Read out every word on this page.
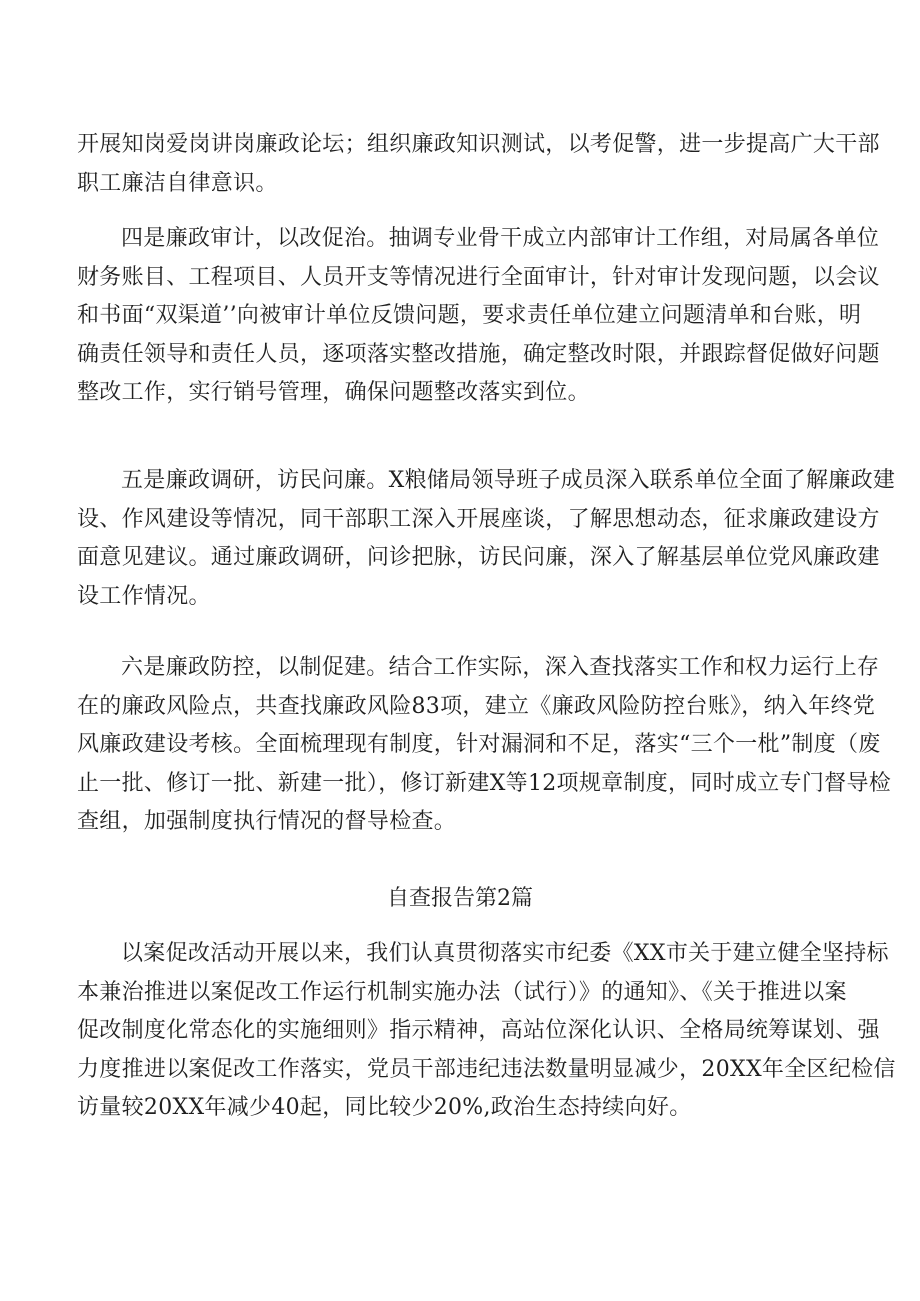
开展知岗爱岗讲岗廉政论坛；组织廉政知识测试，以考促警，进一步提高广大干部
职工廉洁自律意识。
四是廉政审计，以改促治。抽调专业骨干成立内部审计工作组，对局属各单位
财务账目、工程项目、人员开支等情况进行全面审计，针对审计发现问题，以会议
和书面“双渠道’’向被审计单位反馈问题，要求责任单位建立问题清单和台账，明
确责任领导和责任人员，逐项落实整改措施，确定整改时限，并跟踪督促做好问题
整改工作，实行销号管理，确保问题整改落实到位。
五是廉政调研，访民问廉。X粮储局领导班子成员深入联系单位全面了解廉政建
设、作风建设等情况，同干部职工深入开展座谈，了解思想动态，征求廉政建设方
面意见建议。通过廉政调研，问诊把脉，访民问廉，深入了解基层单位党风廉政建
设工作情况。
六是廉政防控，以制促建。结合工作实际，深入查找落实工作和权力运行上存
在的廉政风险点，共查找廉政风险83项，建立《廉政风险防控台账》，纳入年终党
风廉政建设考核。全面梳理现有制度，针对漏洞和不足，落实“三个一枇”制度（废
止一批、修订一批、新建一批），修订新建X等12项规章制度，同时成立专门督导检
查组，加强制度执行情况的督导检查。
自查报告第2篇
以案促改活动开展以来，我们认真贯彻落实市纪委《XX市关于建立健全坚持标
本兼治推进以案促改工作运行机制实施办法（试行）》的通知》、《关于推进以案
促改制度化常态化的实施细则》指示精神，高站位深化认识、全格局统筹谋划、强
力度推进以案促改工作落实，党员干部违纪违法数量明显减少，20XX年全区纪检信
访量较20XX年减少40起，同比较少20%,政治生态持续向好。
